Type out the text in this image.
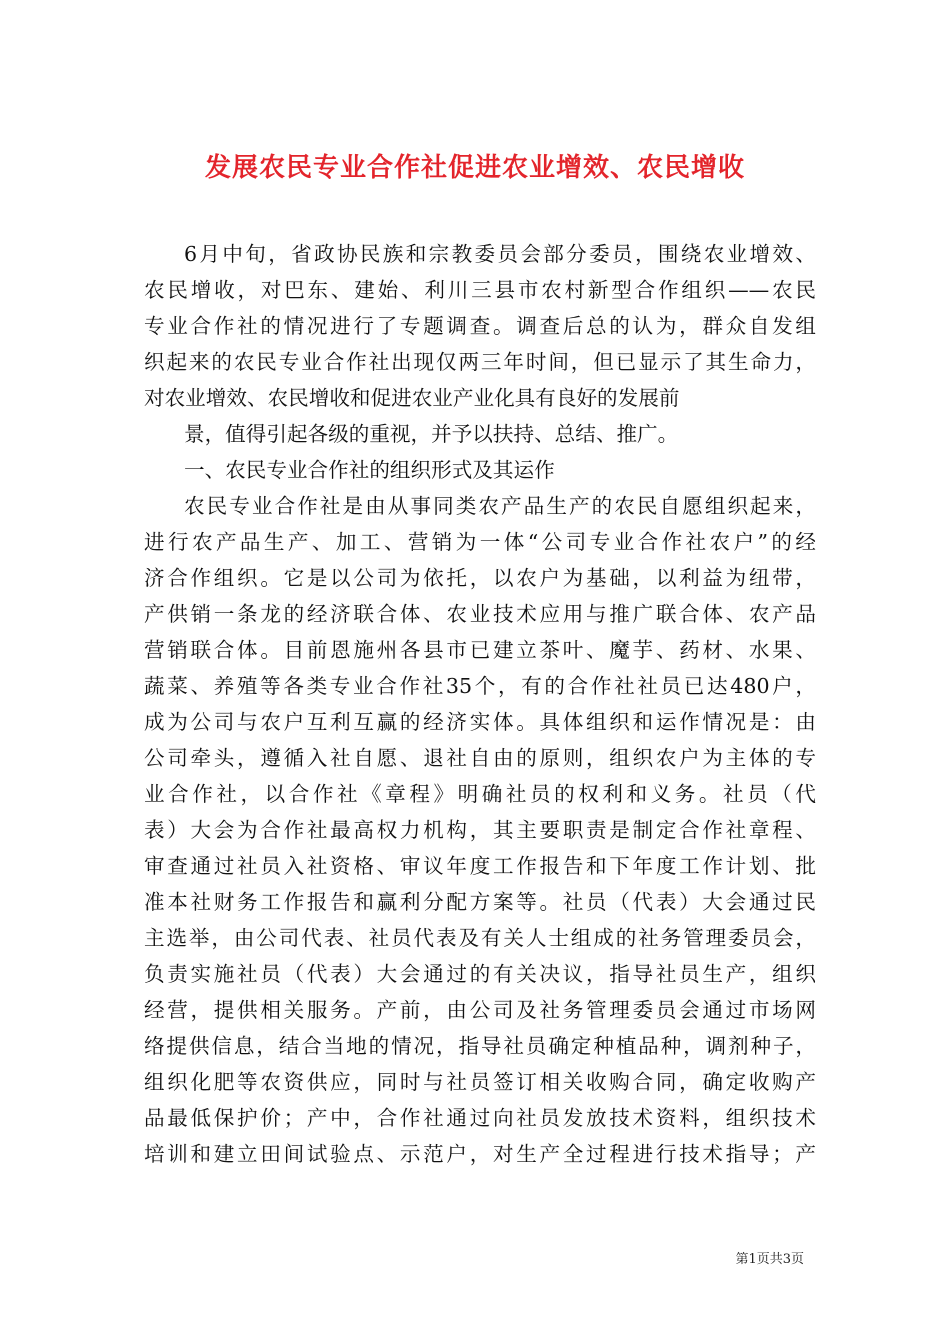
发展农民专业合作社促进农业增效、农民增收

6月中旬，省政协民族和宗教委员会部分委员，围绕农业增效、

农民增收，对巴东、建始、利川三县市农村新型合作组织——农民

专业合作社的情况进行了专题调查。调查后总的认为，群众自发组

织起来的农民专业合作社出现仅两三年时间，但已显示了其生命力，

对农业增效、农民增收和促进农业产业化具有良好的发展前

景，值得引起各级的重视，并予以扶持、总结、推广。

一、农民专业合作社的组织形式及其运作

农民专业合作社是由从事同类农产品生产的农民自愿组织起来，

进行农产品生产、加工、营销为一体“公司专业合作社农户”的经

济合作组织。它是以公司为依托，以农户为基础，以利益为纽带，

产供销一条龙的经济联合体、农业技术应用与推广联合体、农产品

营销联合体。目前恩施州各县市已建立茶叶、魔芋、药材、水果、

蔬菜、养殖等各类专业合作社35个，有的合作社社员已达480户，

成为公司与农户互利互赢的经济实体。具体组织和运作情况是：由

公司牵头，遵循入社自愿、退社自由的原则，组织农户为主体的专

业合作社，以合作社《章程》明确社员的权利和义务。社员（代

表）大会为合作社最高权力机构，其主要职责是制定合作社章程、

审查通过社员入社资格、审议年度工作报告和下年度工作计划、批

准本社财务工作报告和赢利分配方案等。社员（代表）大会通过民

主选举，由公司代表、社员代表及有关人士组成的社务管理委员会，

负责实施社员（代表）大会通过的有关决议，指导社员生产，组织

经营，提供相关服务。产前，由公司及社务管理委员会通过市场网

络提供信息，结合当地的情况，指导社员确定种植品种，调剂种子，

组织化肥等农资供应，同时与社员签订相关收购合同，确定收购产

品最低保护价；产中，合作社通过向社员发放技术资料，组织技术

培训和建立田间试验点、示范户，对生产全过程进行技术指导；产

第1页共3页
